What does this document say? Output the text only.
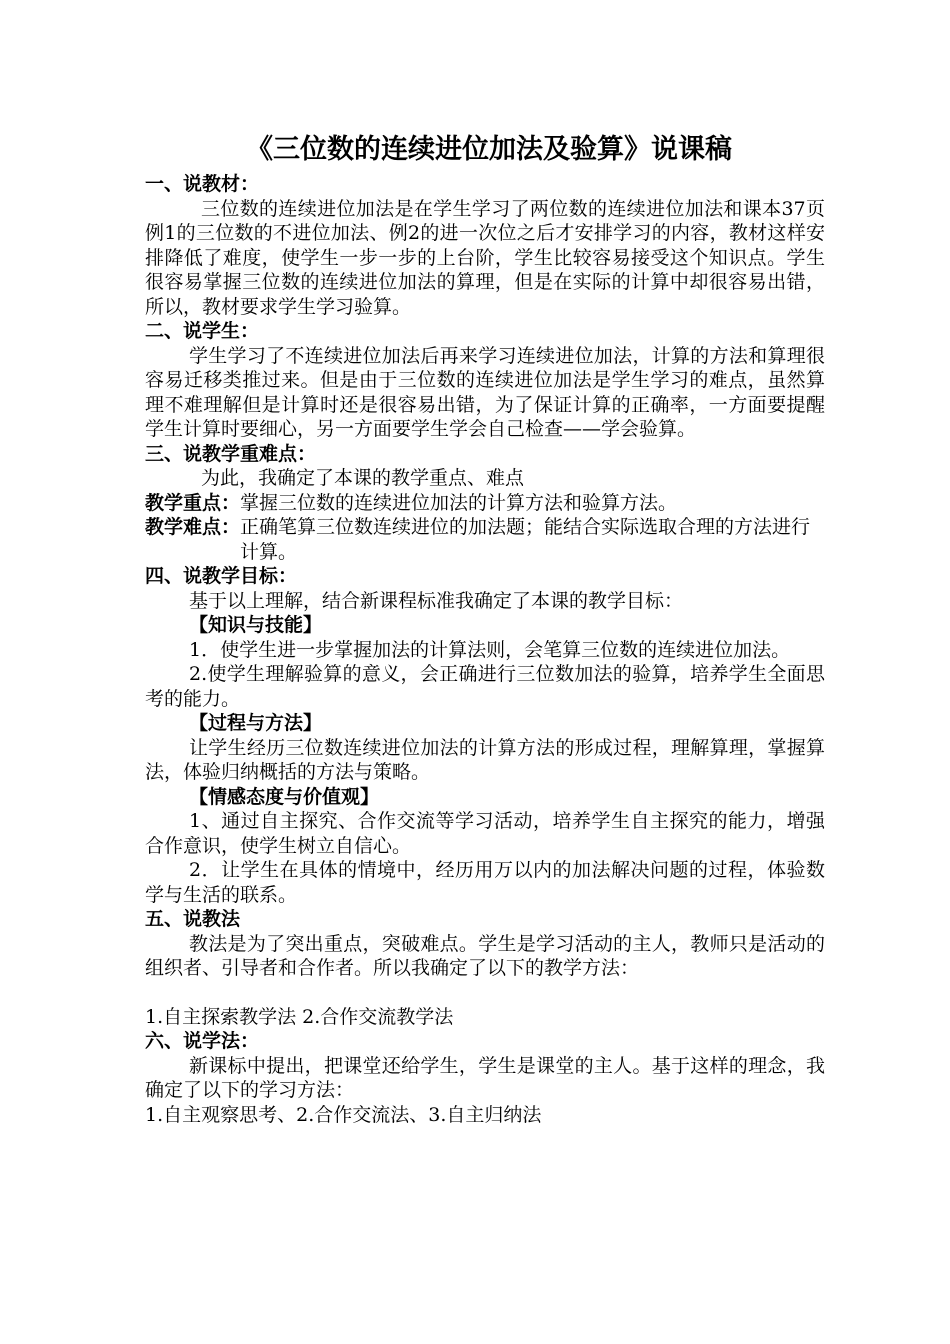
《三位数的连续进位加法及验算》说课稿
一、说教材：
三位数的连续进位加法是在学生学习了两位数的连续进位加法和课本37页例1的三位数的不进位加法、例2的进一次位之后才安排学习的内容，教材这样安排降低了难度，使学生一步一步的上台阶，学生比较容易接受这个知识点。学生很容易掌握三位数的连续进位加法的算理，但是在实际的计算中却很容易出错，所以，教材要求学生学习验算。
二、说学生：
学生学习了不连续进位加法后再来学习连续进位加法，计算的方法和算理很容易迁移类推过来。但是由于三位数的连续进位加法是学生学习的难点，虽然算理不难理解但是计算时还是很容易出错，为了保证计算的正确率，一方面要提醒学生计算时要细心，另一方面要学生学会自己检查——学会验算。
三、说教学重难点：
为此，我确定了本课的教学重点、难点
教学重点： 掌握三位数的连续进位加法的计算方法和验算方法。
教学难点： 正确笔算三位数连续进位的加法题；能结合实际选取合理的方法进行计算。
四、说教学目标：
基于以上理解，结合新课程标准我确定了本课的教学目标：
【知识与技能】
1．使学生进一步掌握加法的计算法则，会笔算三位数的连续进位加法。
2.使学生理解验算的意义，会正确进行三位数加法的验算，培养学生全面思考的能力。
【过程与方法】
让学生经历三位数连续进位加法的计算方法的形成过程，理解算理，掌握算法，体验归纳概括的方法与策略。
【情感态度与价值观】
1、通过自主探究、合作交流等学习活动，培养学生自主探究的能力，增强合作意识，使学生树立自信心。
2．让学生在具体的情境中，经历用万以内的加法解决问题的过程，体验数学与生活的联系。
五、说教法
教法是为了突出重点，突破难点。学生是学习活动的主人，教师只是活动的组织者、引导者和合作者。所以我确定了以下的教学方法：
1.自主探索教学法 2.合作交流教学法
六、说学法：
新课标中提出，把课堂还给学生，学生是课堂的主人。基于这样的理念，我确定了以下的学习方法：
1.自主观察思考、2.合作交流法、3.自主归纳法
